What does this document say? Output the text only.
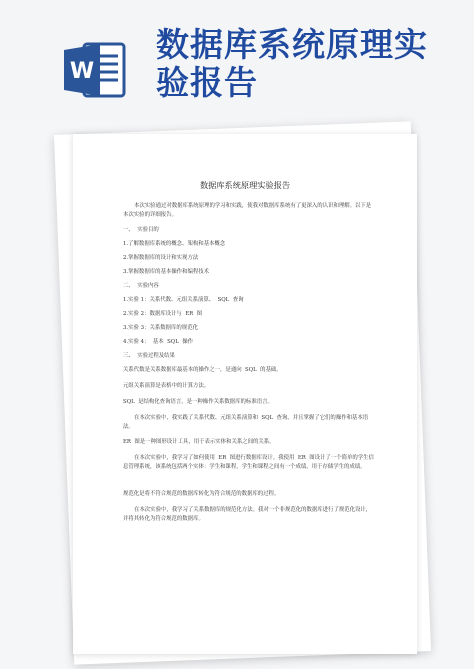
W
数据库系统原理实验报告
数据库系统原理实验报告
本次实验通过对数据库系统原理的学习和实践，使我对数据库系统有了更深入的认识和理解。以下是本次实验的详细报告。
一、  实验目的
1.了解数据库系统的概念、架构和基本概念
2.掌握数据库的设计和实现方法
3.掌握数据库的基本操作和编程技术
二、  实验内容
1.实验 1：关系代数、元组关系演算、  SQL  查询
2.实验 2：数据库设计与  ER  图
3.实验 3：关系数据库的规范化
4.实验 4：  基本  SQL  操作
三、  实验过程及结果
关系代数是关系数据库最基本的操作之一，是通向  SQL  的基础。
元组关系演算是表格中的计算方法。
SQL  是结构化查询语言，是一种操作关系数据库的标准语言。
在本次实验中，我实践了关系代数、元组关系演算和  SQL  查询，并且掌握了它们的操作和基本语法。
ER  图是一种图形设计工具，用于表示实体和关系之间的关系。
在本次实验中，我学习了如何使用  ER  图进行数据库设计。我使用  ER  图设计了一个简单的学生信息管理系统，该系统包括两个实体：学生和课程，学生和课程之间有一个成绩，用于存储学生的成绩。
规范化是将不符合规范的数据库转化为符合规范的数据库的过程。
在本次实验中，我学习了关系数据库的规范化方法。我对一个非规范化的数据库进行了规范化设计，并将其转化为符合规范的数据库。
